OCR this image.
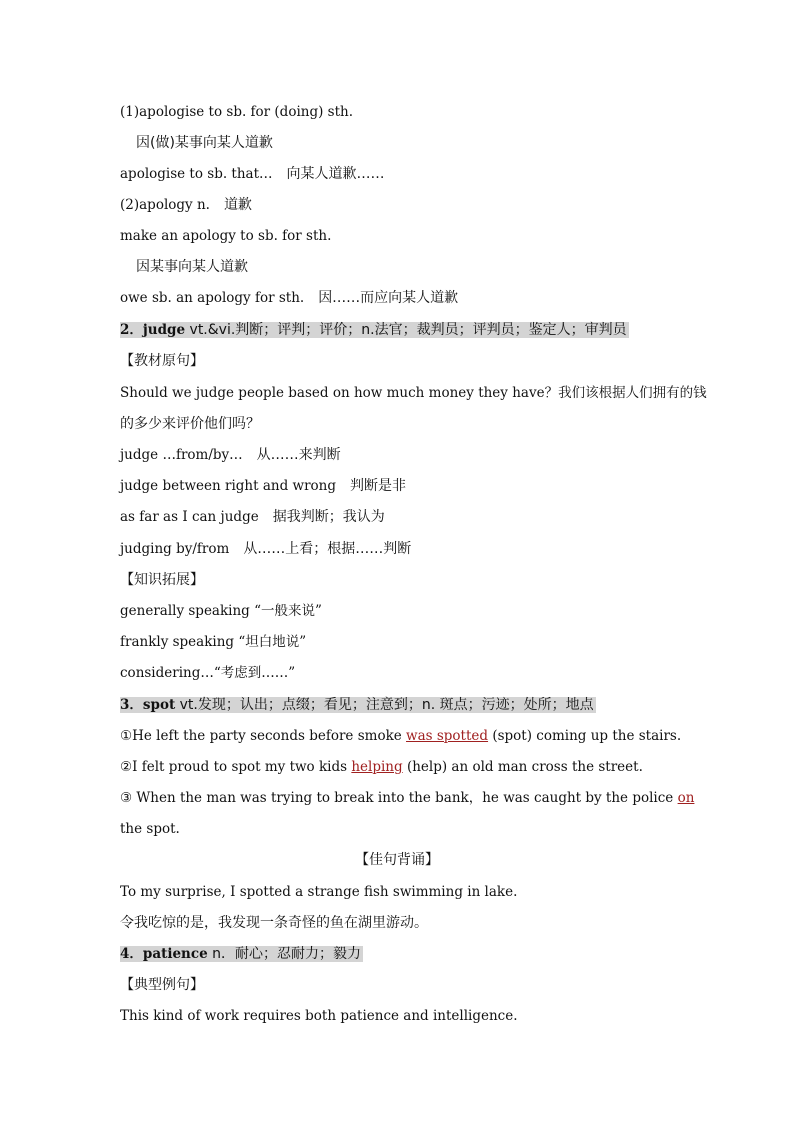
(1)apologise to sb. for (doing) sth.
因(做)某事向某人道歉
apologise to sb. that… 向某人道歉……
(2)apology n. 道歉
make an apology to sb. for sth.
因某事向某人道歉
owe sb. an apology for sth. 因……而应向某人道歉
2．judge vt.&vi.判断；评判；评价；n.法官；裁判员；评判员；鉴定人；审判员
【教材原句】
Should we judge people based on how much money they have？我们该根据人们拥有的钱
的多少来评价他们吗？
judge …from/by… 从……来判断
judge between right and wrong 判断是非
as far as I can judge 据我判断；我认为
judging by/from 从……上看；根据……判断
【知识拓展】
generally speaking “一般来说”
frankly speaking “坦白地说”
considering…“考虑到……”
3．spot vt.发现；认出；点缀；看见；注意到；n. 斑点；污迹；处所；地点
①He left the party seconds before smoke was spotted (spot) coming up the stairs.
②I felt proud to spot my two kids helping (help) an old man cross the street.
③ When the man was trying to break into the bank，he was caught by the police on
the spot.
【佳句背诵】
To my surprise, I spotted a strange fish swimming in lake.
令我吃惊的是，我发现一条奇怪的鱼在湖里游动。
4．patience n．耐心；忍耐力；毅力
【典型例句】
This kind of work requires both patience and intelligence.
